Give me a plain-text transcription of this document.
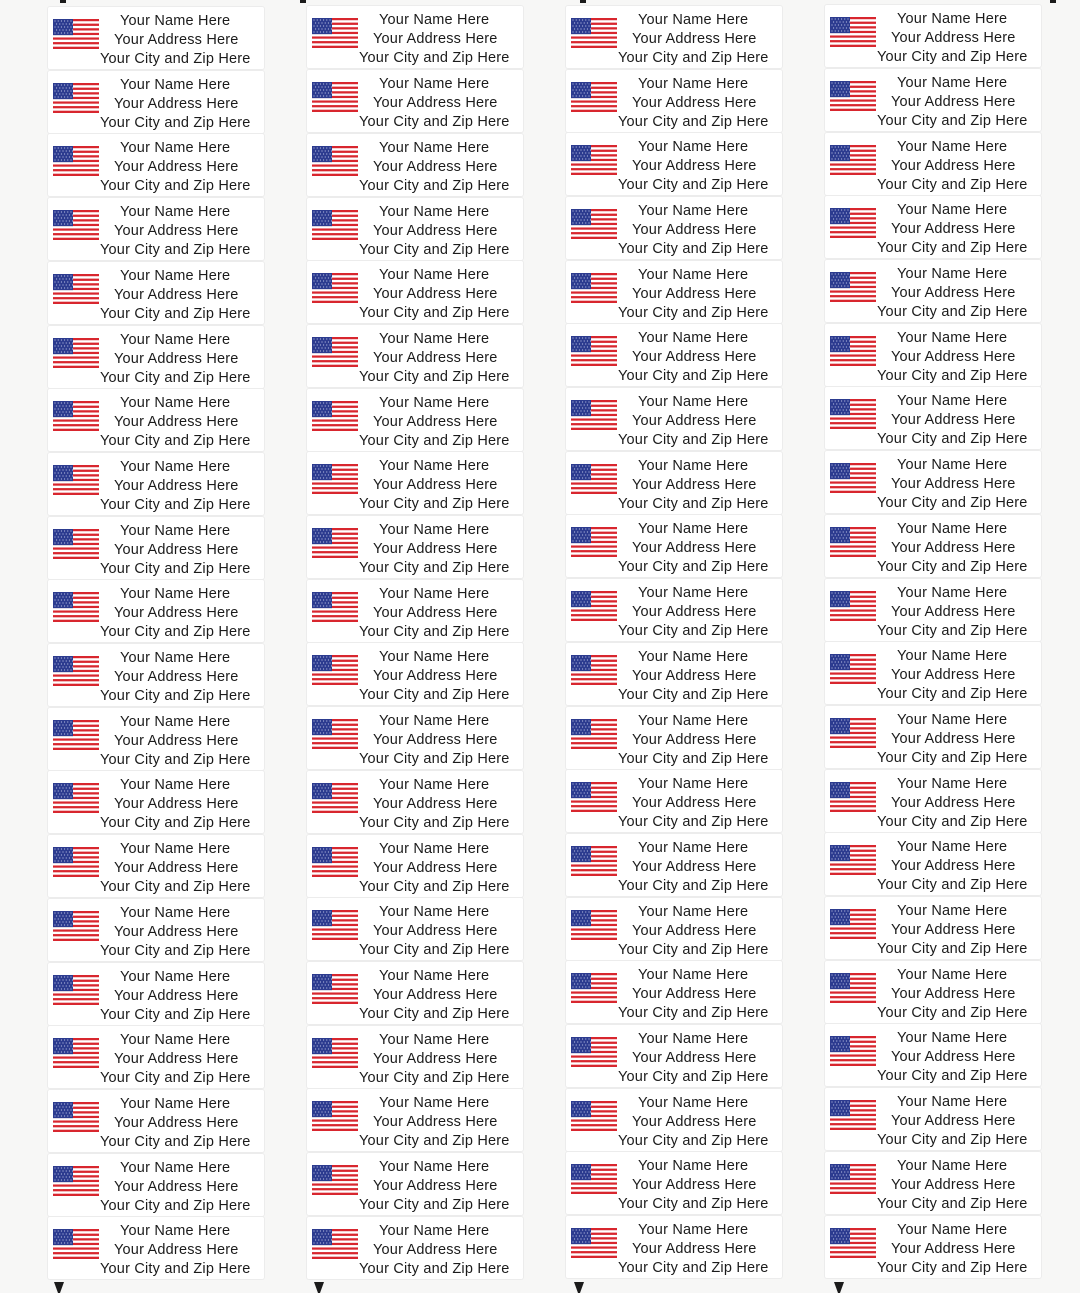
Your Name Here
Your Address Here
Your City and Zip Here
Your Name Here
Your Address Here
Your City and Zip Here
Your Name Here
Your Address Here
Your City and Zip Here
Your Name Here
Your Address Here
Your City and Zip Here
Your Name Here
Your Address Here
Your City and Zip Here
Your Name Here
Your Address Here
Your City and Zip Here
Your Name Here
Your Address Here
Your City and Zip Here
Your Name Here
Your Address Here
Your City and Zip Here
Your Name Here
Your Address Here
Your City and Zip Here
Your Name Here
Your Address Here
Your City and Zip Here
Your Name Here
Your Address Here
Your City and Zip Here
Your Name Here
Your Address Here
Your City and Zip Here
Your Name Here
Your Address Here
Your City and Zip Here
Your Name Here
Your Address Here
Your City and Zip Here
Your Name Here
Your Address Here
Your City and Zip Here
Your Name Here
Your Address Here
Your City and Zip Here
Your Name Here
Your Address Here
Your City and Zip Here
Your Name Here
Your Address Here
Your City and Zip Here
Your Name Here
Your Address Here
Your City and Zip Here
Your Name Here
Your Address Here
Your City and Zip Here
Your Name Here
Your Address Here
Your City and Zip Here
Your Name Here
Your Address Here
Your City and Zip Here
Your Name Here
Your Address Here
Your City and Zip Here
Your Name Here
Your Address Here
Your City and Zip Here
Your Name Here
Your Address Here
Your City and Zip Here
Your Name Here
Your Address Here
Your City and Zip Here
Your Name Here
Your Address Here
Your City and Zip Here
Your Name Here
Your Address Here
Your City and Zip Here
Your Name Here
Your Address Here
Your City and Zip Here
Your Name Here
Your Address Here
Your City and Zip Here
Your Name Here
Your Address Here
Your City and Zip Here
Your Name Here
Your Address Here
Your City and Zip Here
Your Name Here
Your Address Here
Your City and Zip Here
Your Name Here
Your Address Here
Your City and Zip Here
Your Name Here
Your Address Here
Your City and Zip Here
Your Name Here
Your Address Here
Your City and Zip Here
Your Name Here
Your Address Here
Your City and Zip Here
Your Name Here
Your Address Here
Your City and Zip Here
Your Name Here
Your Address Here
Your City and Zip Here
Your Name Here
Your Address Here
Your City and Zip Here
Your Name Here
Your Address Here
Your City and Zip Here
Your Name Here
Your Address Here
Your City and Zip Here
Your Name Here
Your Address Here
Your City and Zip Here
Your Name Here
Your Address Here
Your City and Zip Here
Your Name Here
Your Address Here
Your City and Zip Here
Your Name Here
Your Address Here
Your City and Zip Here
Your Name Here
Your Address Here
Your City and Zip Here
Your Name Here
Your Address Here
Your City and Zip Here
Your Name Here
Your Address Here
Your City and Zip Here
Your Name Here
Your Address Here
Your City and Zip Here
Your Name Here
Your Address Here
Your City and Zip Here
Your Name Here
Your Address Here
Your City and Zip Here
Your Name Here
Your Address Here
Your City and Zip Here
Your Name Here
Your Address Here
Your City and Zip Here
Your Name Here
Your Address Here
Your City and Zip Here
Your Name Here
Your Address Here
Your City and Zip Here
Your Name Here
Your Address Here
Your City and Zip Here
Your Name Here
Your Address Here
Your City and Zip Here
Your Name Here
Your Address Here
Your City and Zip Here
Your Name Here
Your Address Here
Your City and Zip Here
Your Name Here
Your Address Here
Your City and Zip Here
Your Name Here
Your Address Here
Your City and Zip Here
Your Name Here
Your Address Here
Your City and Zip Here
Your Name Here
Your Address Here
Your City and Zip Here
Your Name Here
Your Address Here
Your City and Zip Here
Your Name Here
Your Address Here
Your City and Zip Here
Your Name Here
Your Address Here
Your City and Zip Here
Your Name Here
Your Address Here
Your City and Zip Here
Your Name Here
Your Address Here
Your City and Zip Here
Your Name Here
Your Address Here
Your City and Zip Here
Your Name Here
Your Address Here
Your City and Zip Here
Your Name Here
Your Address Here
Your City and Zip Here
Your Name Here
Your Address Here
Your City and Zip Here
Your Name Here
Your Address Here
Your City and Zip Here
Your Name Here
Your Address Here
Your City and Zip Here
Your Name Here
Your Address Here
Your City and Zip Here
Your Name Here
Your Address Here
Your City and Zip Here
Your Name Here
Your Address Here
Your City and Zip Here
Your Name Here
Your Address Here
Your City and Zip Here
Your Name Here
Your Address Here
Your City and Zip Here
